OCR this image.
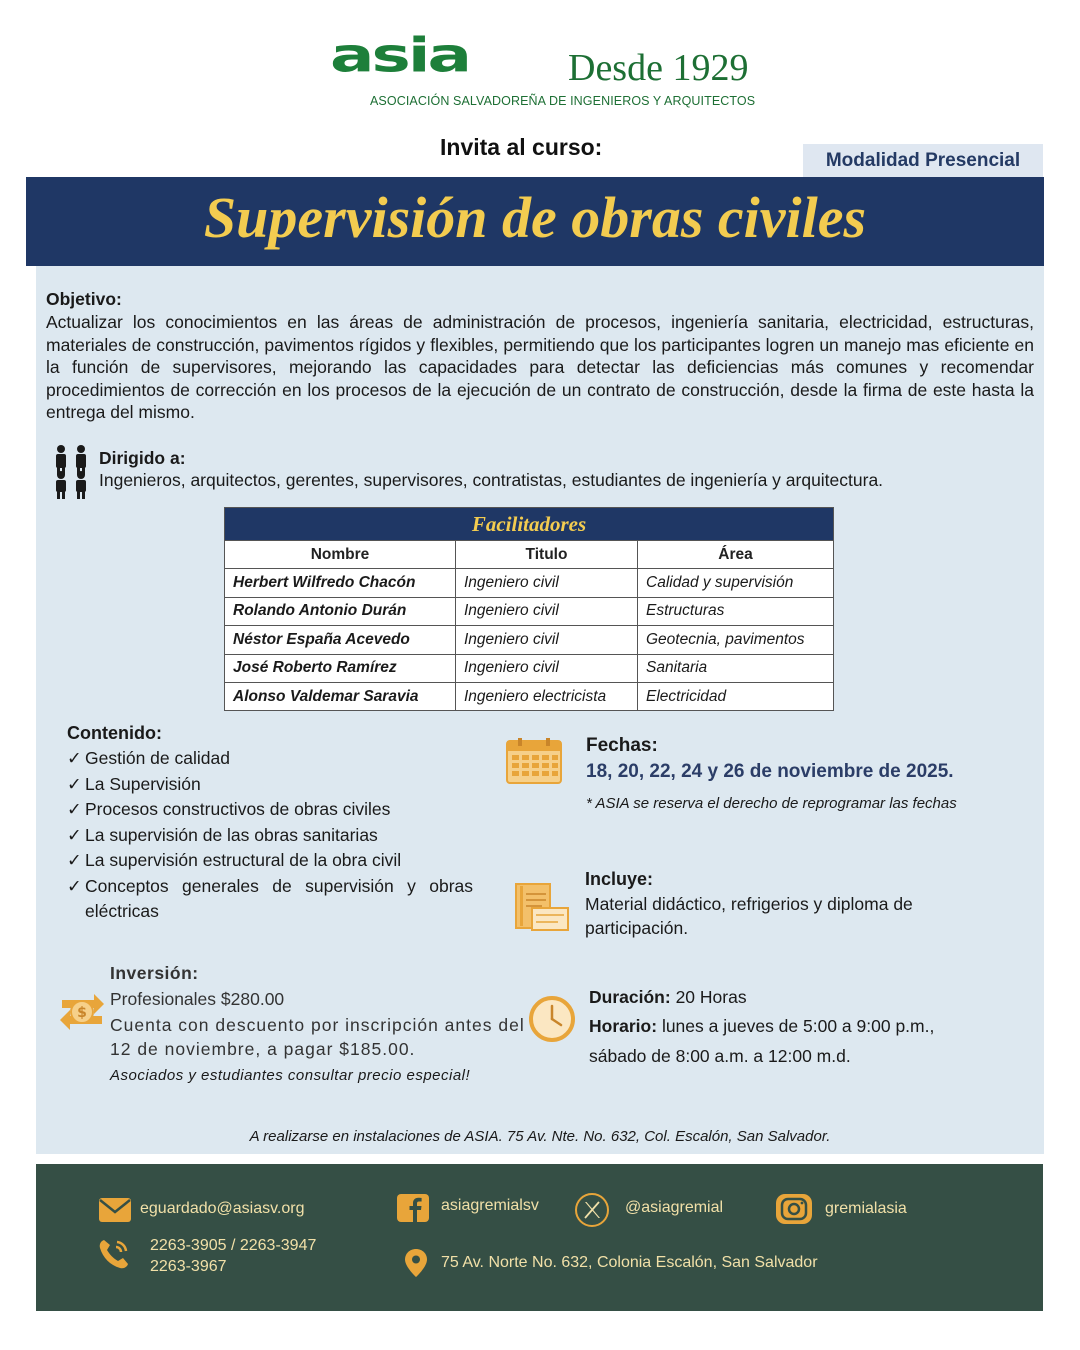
asia	Desde 1929
ASOCIACIÓN SALVADOREÑA DE INGENIEROS Y ARQUITECTOS
Invita al curso:
Modalidad Presencial
Supervisión de obras civiles
Objetivo:
Actualizar los conocimientos en las áreas de administración de procesos, ingeniería sanitaria, electricidad, estructuras, materiales de construcción, pavimentos rígidos y flexibles, permitiendo que los participantes logren un manejo mas eficiente en la función de supervisores, mejorando las capacidades para detectar las deficiencias más comunes y recomendar procedimientos de corrección en los procesos de la ejecución de un contrato de construcción, desde la firma de este hasta la entrega del mismo.
Dirigido a:
Ingenieros, arquitectos, gerentes, supervisores, contratistas, estudiantes de ingeniería y arquitectura.
Facilitadores		
Nombre	Titulo	Área
Herbert Wilfredo Chacón	Ingeniero civil	Calidad y supervisión
Rolando Antonio Durán	Ingeniero civil	Estructuras
Néstor España Acevedo	Ingeniero civil	Geotecnia, pavimentos
José Roberto Ramírez	Ingeniero civil	Sanitaria
Alonso Valdemar Saravia	Ingeniero electricista	Electricidad
Contenido:
✓ Gestión de calidad
✓ La Supervisión
✓ Procesos constructivos de obras civiles
✓ La supervisión de las obras sanitarias
✓ La supervisión estructural de la obra civil
✓ Conceptos generales de supervisión y obras eléctricas
Fechas:
18, 20, 22, 24 y 26 de noviembre de 2025.
* ASIA se reserva el derecho de reprogramar las fechas
Incluye:
Material didáctico, refrigerios y diploma de participación.
$
Inversión:
Profesionales $280.00
Cuenta con descuento por inscripción antes del 12 de noviembre, a pagar $185.00.
Asociados y estudiantes consultar precio especial!
Duración: 20 Horas
Horario: lunes a jueves de 5:00 a 9:00 p.m.,
sábado de 8:00 a.m. a 12:00 m.d.
A realizarse en instalaciones de ASIA. 75 Av. Nte. No. 632, Col. Escalón, San Salvador.
eguardado@asiasv.org
2263-3905 / 2263-3947
2263-3967
asiagremialsv	@asiagremial	gremialasia
75 Av. Norte No. 632, Colonia Escalón, San Salvador
